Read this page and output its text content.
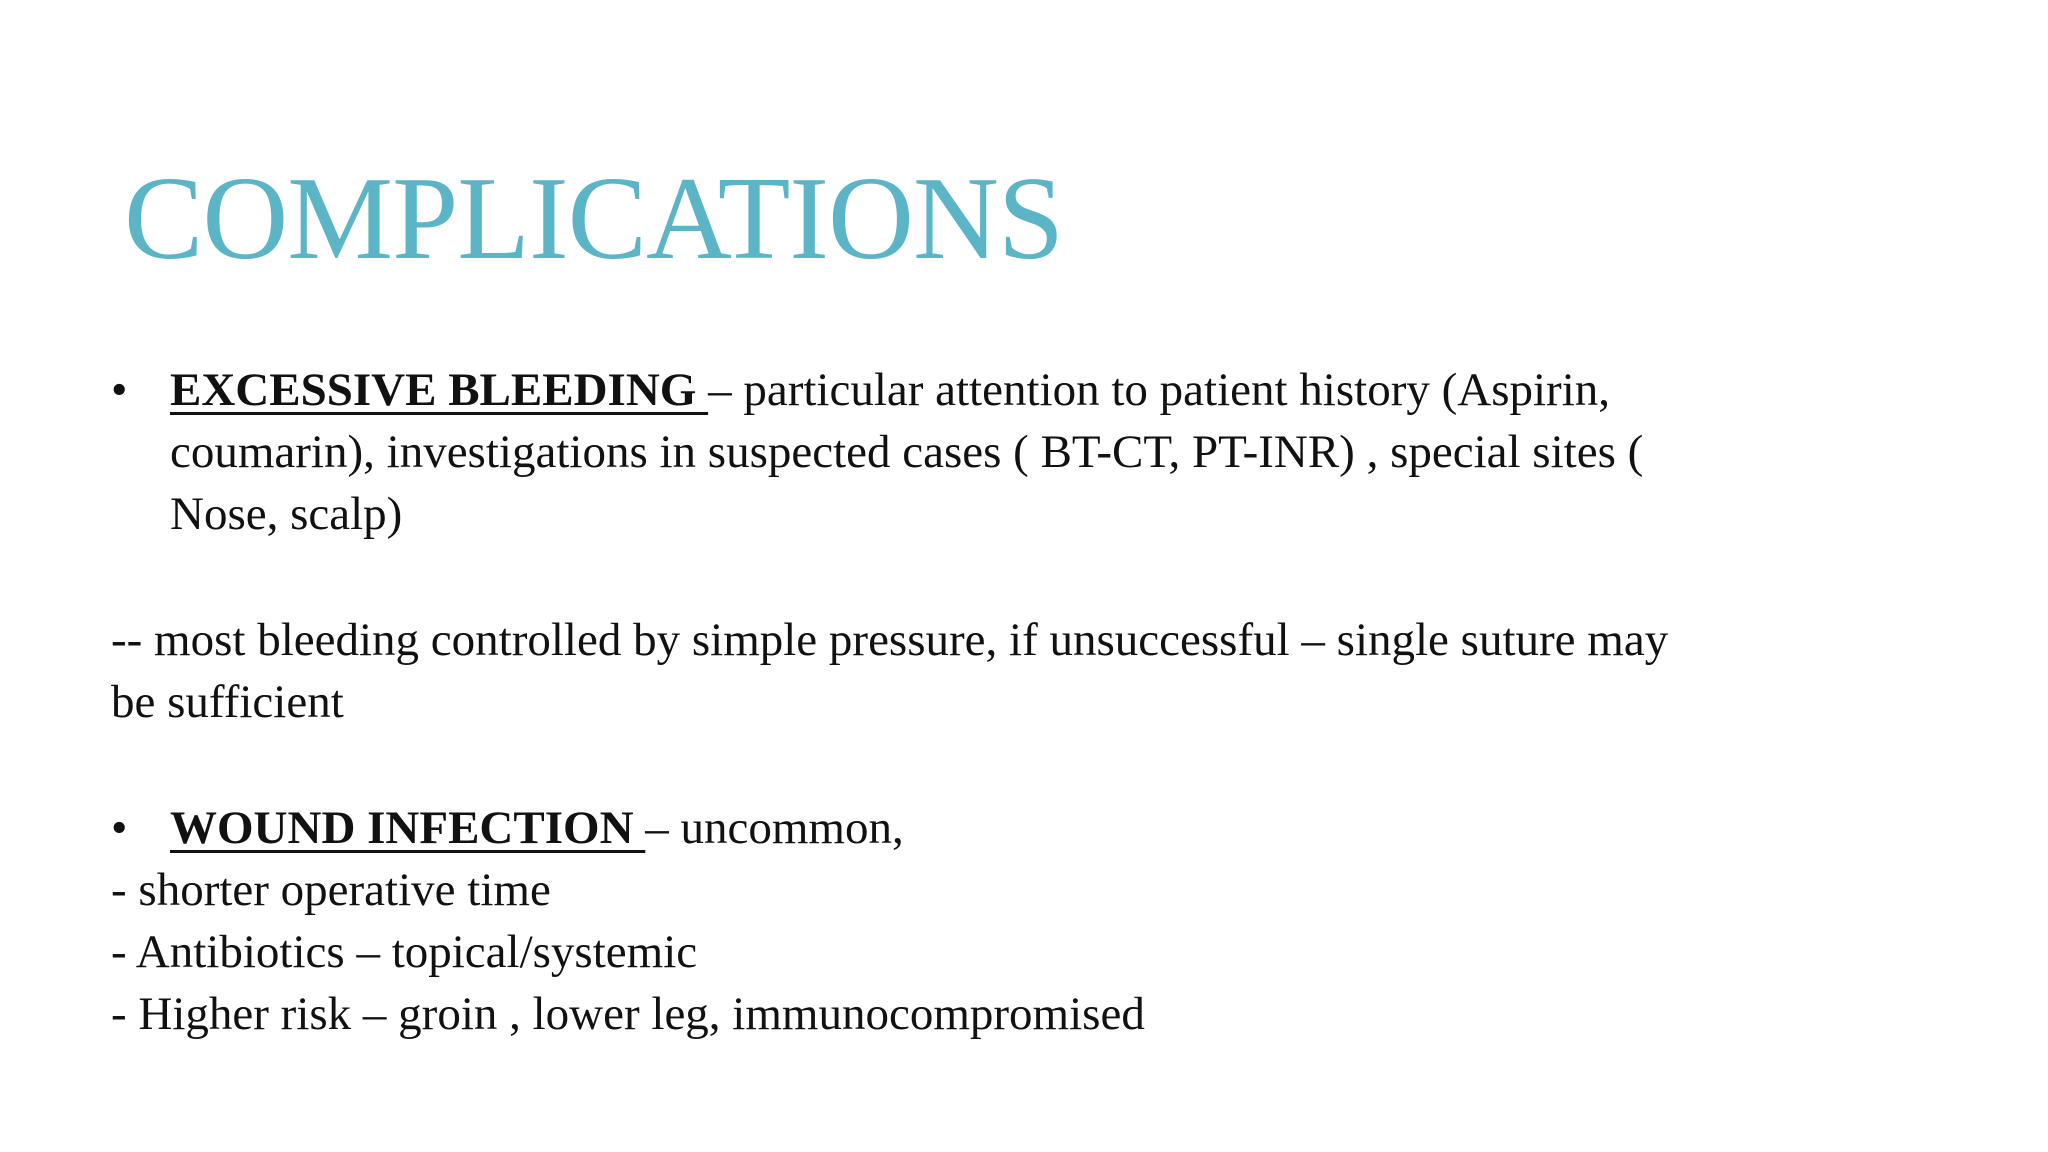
COMPLICATIONS
• EXCESSIVE BLEEDING – particular attention to patient history (Aspirin,

coumarin), investigations in suspected cases ( BT-CT, PT-INR) , special sites (

Nose, scalp)

-- most bleeding controlled by simple pressure, if unsuccessful – single suture may

be sufficient

• WOUND INFECTION – uncommon,

- shorter operative time

- Antibiotics – topical/systemic

- Higher risk – groin , lower leg, immunocompromised
